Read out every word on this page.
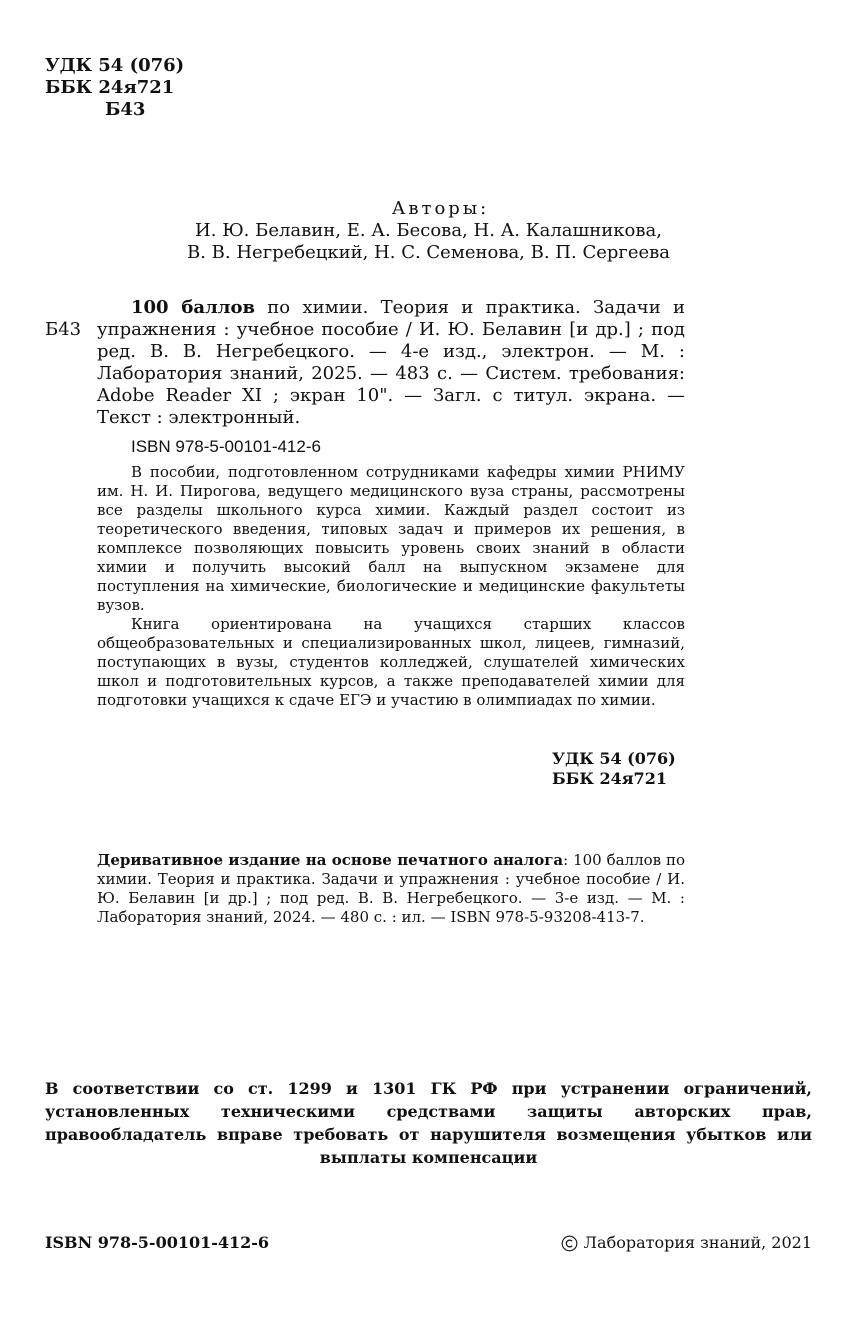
УДК 54 (076)
ББК 24я721
Б43
Авторы:
И. Ю. Белавин, Е. А. Бесова, Н. А. Калашникова,
В. В. Негребецкий, Н. С. Семенова, В. П. Сергеева
Б43
100 баллов по химии. Теория и практика. Задачи и упражнения : учебное пособие / И. Ю. Белавин [и др.] ; под ред. В. В. Негребецкого. — 4-е изд., электрон. — М. : Лаборатория знаний, 2025. — 483 с. — Систем. требования: Adobe Reader XI ; экран 10". — Загл. с титул. экрана. — Текст : электронный.
ISBN 978-5-00101-412-6

В пособии, подготовленном сотрудниками кафедры химии РНИМУ им. Н. И. Пирогова, ведущего медицинского вуза страны, рассмотрены все разделы школьного курса химии. Каждый раздел состоит из теоретического введения, типовых задач и примеров их решения, в комплексе позволяющих повысить уровень своих знаний в области химии и получить высокий балл на выпускном экзамене для поступления на химические, биологические и медицинские факультеты вузов.

Книга ориентирована на учащихся старших классов общеобразовательных и специализированных школ, лицеев, гимназий, поступающих в вузы, студентов колледжей, слушателей химических школ и подготовительных курсов, а также преподавателей химии для подготовки учащихся к сдаче ЕГЭ и участию в олимпиадах по химии.

УДК 54 (076)
ББК 24я721
Деривативное издание на основе печатного аналога: 100 баллов по химии. Теория и практика. Задачи и упражнения : учебное пособие / И. Ю. Белавин [и др.] ; под ред. В. В. Негребецкого. — 3-е изд. — М. : Лаборатория знаний, 2024. — 480 с. : ил. — ISBN 978-5-93208-413-7.
В соответствии со ст. 1299 и 1301 ГК РФ при устранении ограничений, установленных техническими средствами защиты авторских прав, правообладатель вправе требовать от нарушителя возмещения убытков или выплаты компенсации
ISBN 978-5-00101-412-6	Лаборатория знаний, 2021
